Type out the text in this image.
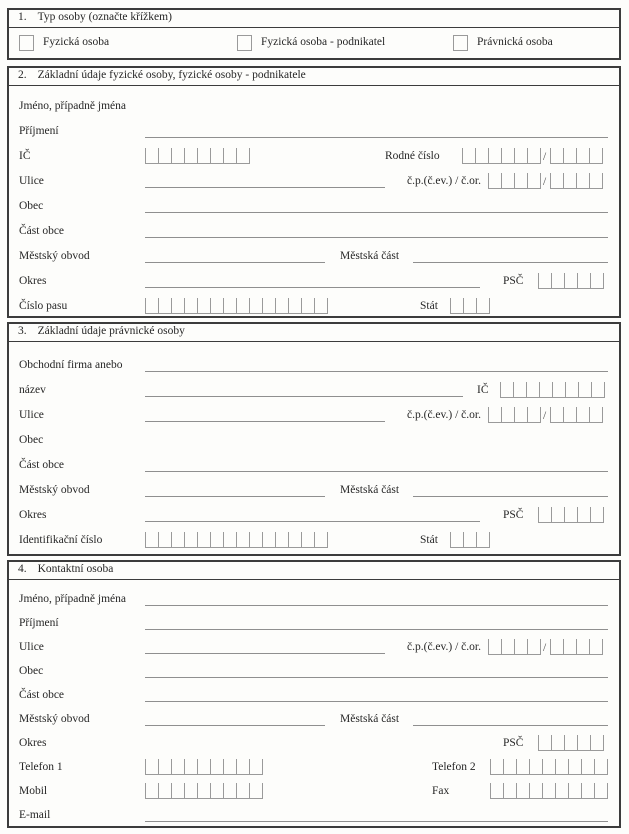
1. Typ osoby (označte křížkem)
Fyzická osoba	Fyzická osoba - podnikatel	Právnická osoba
2. Základní údaje fyzické osoby, fyzické osoby - podnikatele
Jméno, případně jména
Příjmení
IČ	Rodné číslo	/
Ulice	č.p.(č.ev.) / č.or.	/
Obec
Část obce
Městský obvod	Městská část
Okres	PSČ
Číslo pasu	Stát
3. Základní údaje právnické osoby
Obchodní firma anebo
název	IČ
Ulice	č.p.(č.ev.) / č.or.	/
Obec
Část obce
Městský obvod	Městská část
Okres	PSČ
Identifikační číslo	Stát
4. Kontaktní osoba
Jméno, případně jména
Příjmení
Ulice	č.p.(č.ev.) / č.or.	/
Obec
Část obce
Městský obvod	Městská část
Okres	PSČ
Telefon 1	Telefon 2
Mobil	Fax
E-mail
